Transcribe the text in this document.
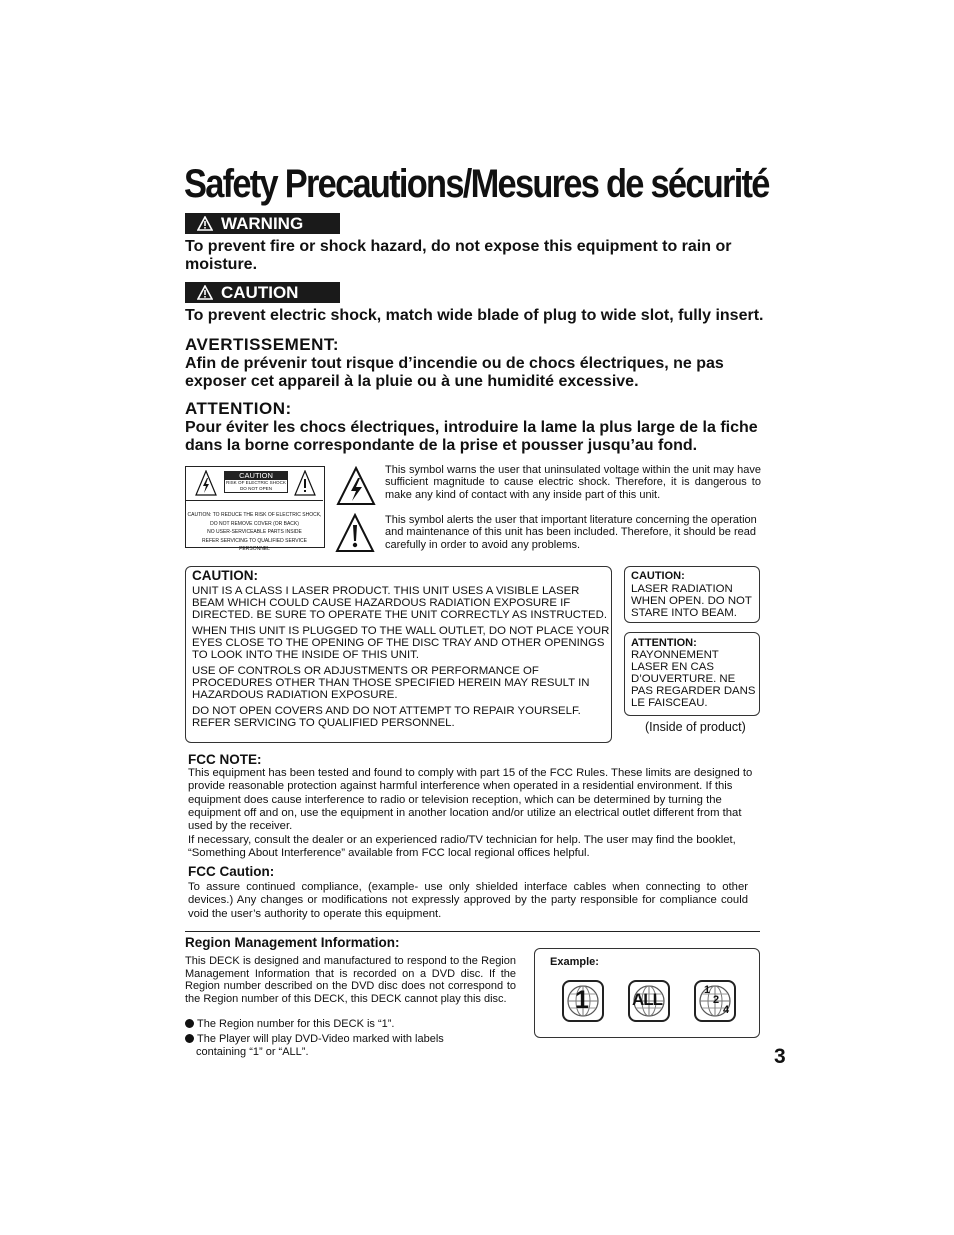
Safety Precautions/Mesures de sécurité
WARNING
To prevent fire or shock hazard, do not expose this equipment to rain or moisture.
CAUTION
To prevent electric shock, match wide blade of plug to wide slot, fully insert.
AVERTISSEMENT:
Afin de prévenir tout risque d’incendie ou de chocs électriques, ne pas exposer cet appareil à la pluie ou à une humidité excessive.
ATTENTION:
Pour éviter les chocs électriques, introduire la lame la plus large de la fiche dans la borne correspondante de la prise et pousser jusqu’au fond.
CAUTION
RISK OF ELECTRIC SHOCK
DO NOT OPEN
CAUTION: TO REDUCE THE RISK OF ELECTRIC SHOCK,
DO NOT REMOVE COVER (OR BACK)
NO USER-SERVICEABLE PARTS INSIDE
REFER SERVICING TO QUALIFIED SERVICE PERSONNEL
This symbol warns the user that uninsulated voltage within the unit may have sufficient magnitude to cause electric shock. Therefore, it is dangerous to make any kind of contact with any inside part of this unit.
This symbol alerts the user that important literature concerning the operation and maintenance of this unit has been included. Therefore, it should be read carefully in order to avoid any problems.
CAUTION:

UNIT IS A CLASS I LASER PRODUCT. THIS UNIT USES A VISIBLE LASER BEAM WHICH COULD CAUSE HAZARDOUS RADIATION EXPOSURE IF DIRECTED. BE SURE TO OPERATE THE UNIT CORRECTLY AS INSTRUCTED.

WHEN THIS UNIT IS PLUGGED TO THE WALL OUTLET, DO NOT PLACE YOUR EYES CLOSE TO THE OPENING OF THE DISC TRAY AND OTHER OPENINGS TO LOOK INTO THE INSIDE OF THIS UNIT.

USE OF CONTROLS OR ADJUSTMENTS OR PERFORMANCE OF PROCEDURES OTHER THAN THOSE SPECIFIED HEREIN MAY RESULT IN HAZARDOUS RADIATION EXPOSURE.

DO NOT OPEN COVERS AND DO NOT ATTEMPT TO REPAIR YOURSELF. REFER SERVICING TO QUALIFIED PERSONNEL.

CAUTION:
LASER RADIATION WHEN OPEN. DO NOT STARE INTO BEAM.
ATTENTION:
RAYONNEMENT LASER EN CAS D’OUVERTURE. NE PAS REGARDER DANS LE FAISCEAU.
(Inside of product)
FCC NOTE:
This equipment has been tested and found to comply with part 15 of the FCC Rules. These limits are designed to provide reasonable protection against harmful interference when operated in a residential environment. If this equipment does cause interference to radio or television reception, which can be determined by turning the equipment off and on, use the equipment in another location and/or utilize an electrical outlet different from that used by the receiver.
If necessary, consult the dealer or an experienced radio/TV technician for help. The user may find the booklet, “Something About Interference” available from FCC local regional offices helpful.
FCC Caution:
To assure continued compliance, (example- use only shielded interface cables when connecting to other devices.) Any changes or modifications not expressly approved by the party responsible for compliance could void the user’s authority to operate this equipment.
Region Management Information:
This DECK is designed and manufactured to respond to the Region Management Information that is recorded on a DVD disc. If the Region number described on the DVD disc does not correspond to the Region number of this DECK, this DECK cannot play this disc.
The Region number for this DECK is “1”.
The Player will play DVD-Video marked with labels
containing “1” or “ALL”.
Example:
1	ALL	1
2
4
3
